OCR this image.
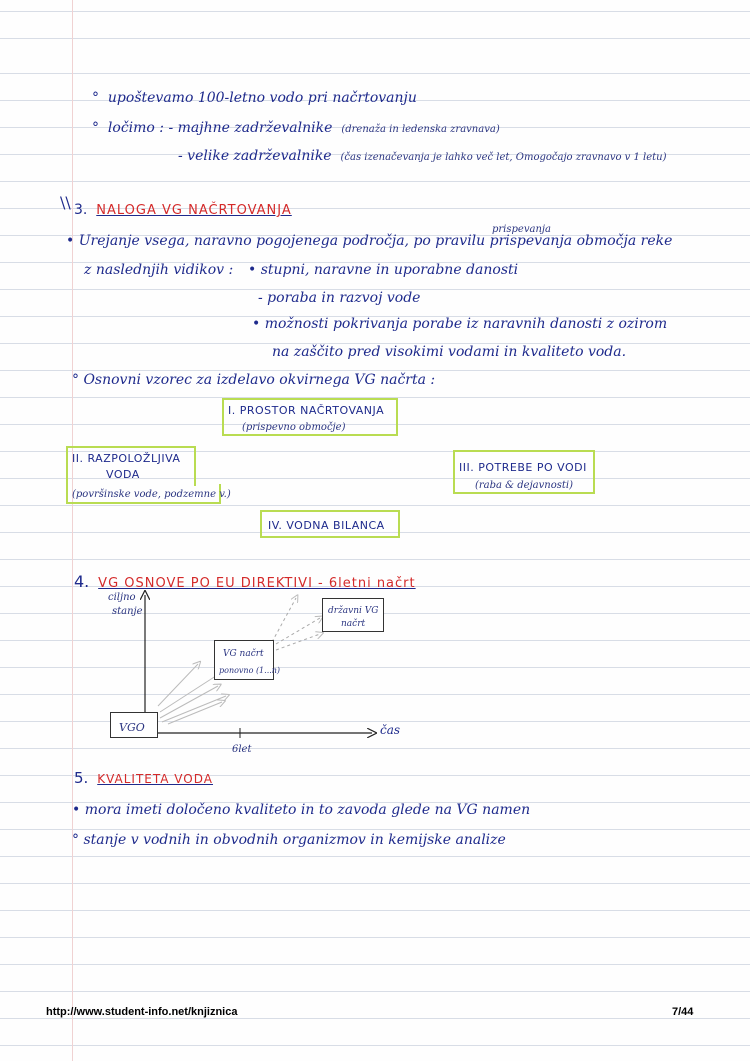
°  upoštevamo 100-letno vodo pri načrtovanju
°  ločimo : - majhne zadrževalnike (drenaža in ledenska zravnava)
- velike zadrževalnike (čas izenačevanja je lahko več let, Omogočajo zravnavo v 1 letu)
\\ 3. NALOGA VG NAČRTOVANJA
prispevanja
• Urejanje vsega, naravno pogojenega področja, po pravilu prispevanja območja reke
z naslednjih vidikov : • stupni, naravne in uporabne danosti
- poraba in razvoj vode
• možnosti pokrivanja porabe iz naravnih danosti z ozirom
na zaščito pred visokimi vodami in kvaliteto voda.
° Osnovni vzorec za izdelavo okvirnega VG načrta :
I. PROSTOR NAČRTOVANJA
(prispevno območje)
II. RAZPOLOŽLJIVA
VODA
(površinske vode, podzemne v.)
III. POTREBE PO VODI
(raba & dejavnosti)
IV. VODNA BILANCA
4. VG OSNOVE PO EU DIREKTIVI - 6letni načrt
ciljno
stanje
čas
6let
VGO
VG načrt
ponovno (1...n)
državni VG
načrt
5. KVALITETA VODA
• mora imeti določeno kvaliteto in to zavoda glede na VG namen
° stanje v vodnih in obvodnih organizmov in kemijske analize
http://www.student-info.net/knjiznica	7/44
